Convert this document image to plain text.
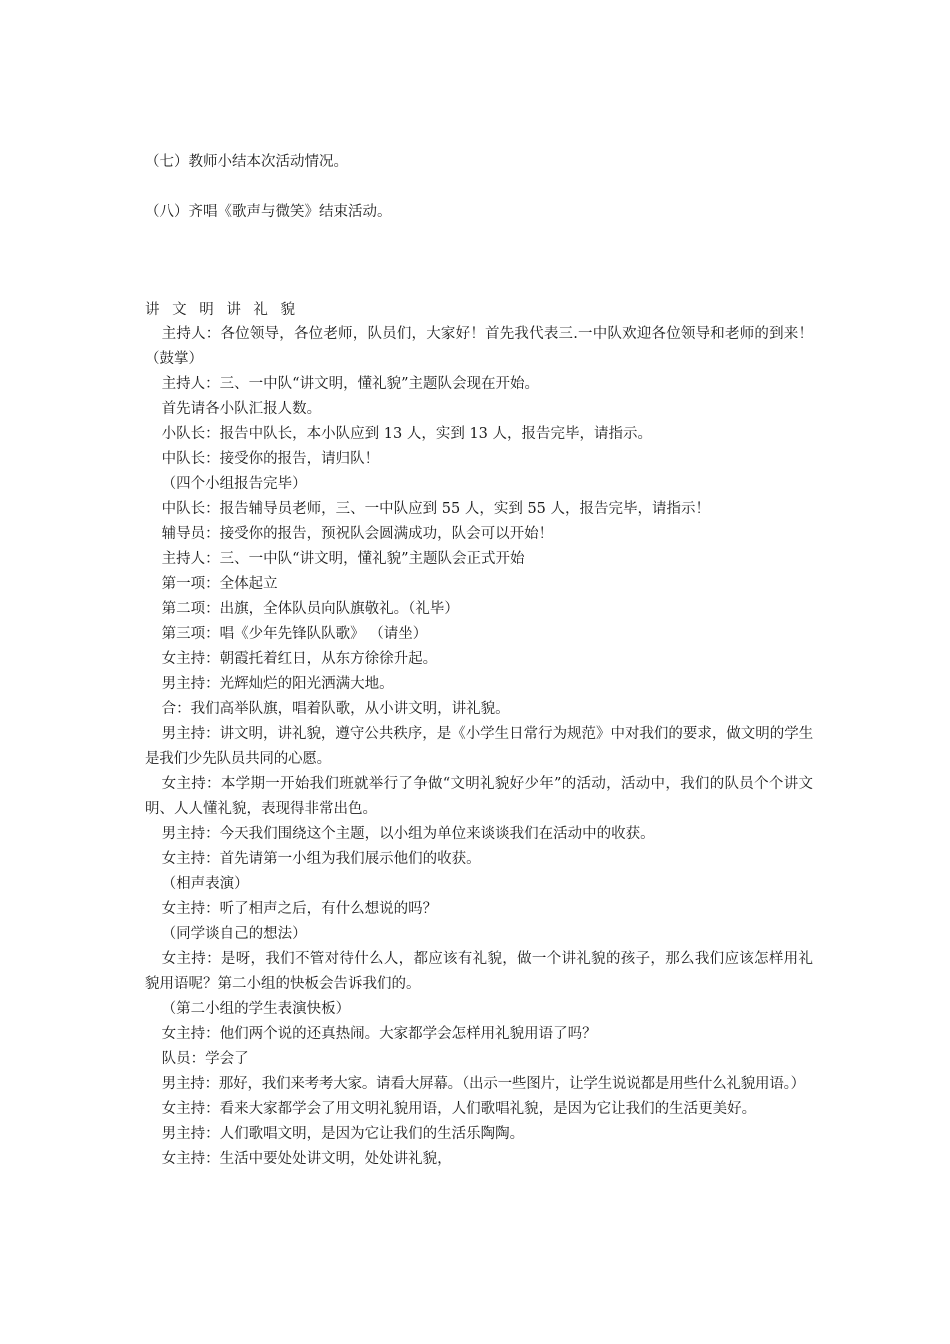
（七）教师小结本次活动情况。
（八）齐唱《歌声与微笑》结束活动。
讲 文 明 讲 礼 貌

主持人：各位领导，各位老师，队员们，大家好！首先我代表三.一中队欢迎各位领导和老师的到来！（鼓掌）

主持人：三、一中队“讲文明，懂礼貌”主题队会现在开始。

首先请各小队汇报人数。

小队长：报告中队长，本小队应到 13 人，实到 13 人，报告完毕，请指示。

中队长：接受你的报告，请归队！

（四个小组报告完毕）

中队长：报告辅导员老师，三、一中队应到 55 人，实到 55 人，报告完毕，请指示！

辅导员：接受你的报告，预祝队会圆满成功，队会可以开始！

主持人：三、一中队“讲文明，懂礼貌”主题队会正式开始

第一项：全体起立

第二项：出旗，全体队员向队旗敬礼。（礼毕）

第三项：唱《少年先锋队队歌》 （请坐）

女主持：朝霞托着红日，从东方徐徐升起。

男主持：光辉灿烂的阳光洒满大地。

合：我们高举队旗，唱着队歌，从小讲文明，讲礼貌。

男主持：讲文明，讲礼貌，遵守公共秩序，是《小学生日常行为规范》中对我们的要求，做文明的学生是我们少先队员共同的心愿。

女主持：本学期一开始我们班就举行了争做“文明礼貌好少年”的活动，活动中，我们的队员个个讲文明、人人懂礼貌，表现得非常出色。

男主持：今天我们围绕这个主题，以小组为单位来谈谈我们在活动中的收获。

女主持：首先请第一小组为我们展示他们的收获。

（相声表演）

女主持：听了相声之后，有什么想说的吗？

（同学谈自己的想法）

女主持：是呀，我们不管对待什么人，都应该有礼貌，做一个讲礼貌的孩子，那么我们应该怎样用礼貌用语呢？第二小组的快板会告诉我们的。

（第二小组的学生表演快板）

女主持：他们两个说的还真热闹。大家都学会怎样用礼貌用语了吗？

队员：学会了

男主持：那好，我们来考考大家。请看大屏幕。（出示一些图片，让学生说说都是用些什么礼貌用语。）

女主持：看来大家都学会了用文明礼貌用语，人们歌唱礼貌，是因为它让我们的生活更美好。

男主持：人们歌唱文明，是因为它让我们的生活乐陶陶。

女主持：生活中要处处讲文明，处处讲礼貌，
